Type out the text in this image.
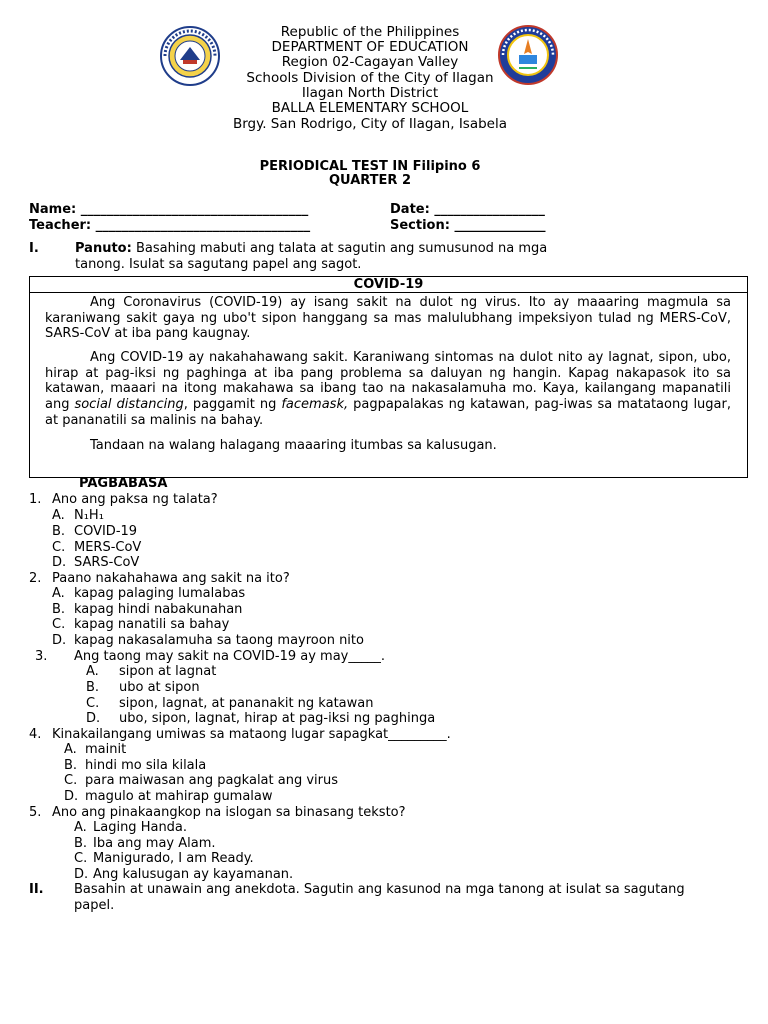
Republic of the Philippines
DEPARTMENT OF EDUCATION
Region 02-Cagayan Valley
Schools Division of the City of Ilagan
Ilagan North District
BALLA ELEMENTARY SCHOOL
Brgy. San Rodrigo, City of Ilagan, Isabela
PERIODICAL TEST IN Filipino 6
QUARTER 2
Name: ___________________________________	Date: _________________
Teacher: _________________________________	Section: ______________
I.	Panuto: Basahing mabuti ang talata at sagutin ang sumusunod na mga
tanong. Isulat sa sagutang papel ang sagot.
COVID-19

Ang Coronavirus (COVID-19) ay isang sakit na dulot ng virus. Ito ay maaaring magmula sa karaniwang sakit gaya ng ubo't sipon hanggang sa mas malulubhang impeksiyon tulad ng MERS-CoV, SARS-CoV at iba pang kaugnay.

Ang COVID-19 ay nakahahawang sakit. Karaniwang sintomas na dulot nito ay lagnat, sipon, ubo, hirap at pag-iksi ng paghinga at iba pang problema sa daluyan ng hangin. Kapag nakapasok ito sa katawan, maaari na itong makahawa sa ibang tao na nakasalamuha mo. Kaya, kailangang mapanatili ang social distancing, paggamit ng facemask, pagpapalakas ng katawan, pag-iwas sa matataong lugar, at pananatili sa malinis na bahay.

Tandaan na walang halagang maaaring itumbas sa kalusugan.

PAGBABASA
1. Ano ang paksa ng talata?
A. N₁H₁
B. COVID-19
C. MERS-CoV
D. SARS-CoV
2. Paano nakahahawa ang sakit na ito?
A. kapag palaging lumalabas
B. kapag hindi nabakunahan
C. kapag nanatili sa bahay
D. kapag nakasalamuha sa taong mayroon nito
3. Ang taong may sakit na COVID-19 ay may_____.
A. sipon at lagnat
B. ubo at sipon
C. sipon, lagnat, at pananakit ng katawan
D. ubo, sipon, lagnat, hirap at pag-iksi ng paghinga
4. Kinakailangang umiwas sa mataong lugar sapagkat_________.
A. mainit
B. hindi mo sila kilala
C. para maiwasan ang pagkalat ang virus
D. magulo at mahirap gumalaw
5. Ano ang pinakaangkop na islogan sa binasang teksto?
A. Laging Handa.
B. Iba ang may Alam.
C. Manigurado, I am Ready.
D. Ang kalusugan ay kayamanan.
II. Basahin at unawain ang anekdota. Sagutin ang kasunod na mga tanong at isulat sa sagutang
papel.
